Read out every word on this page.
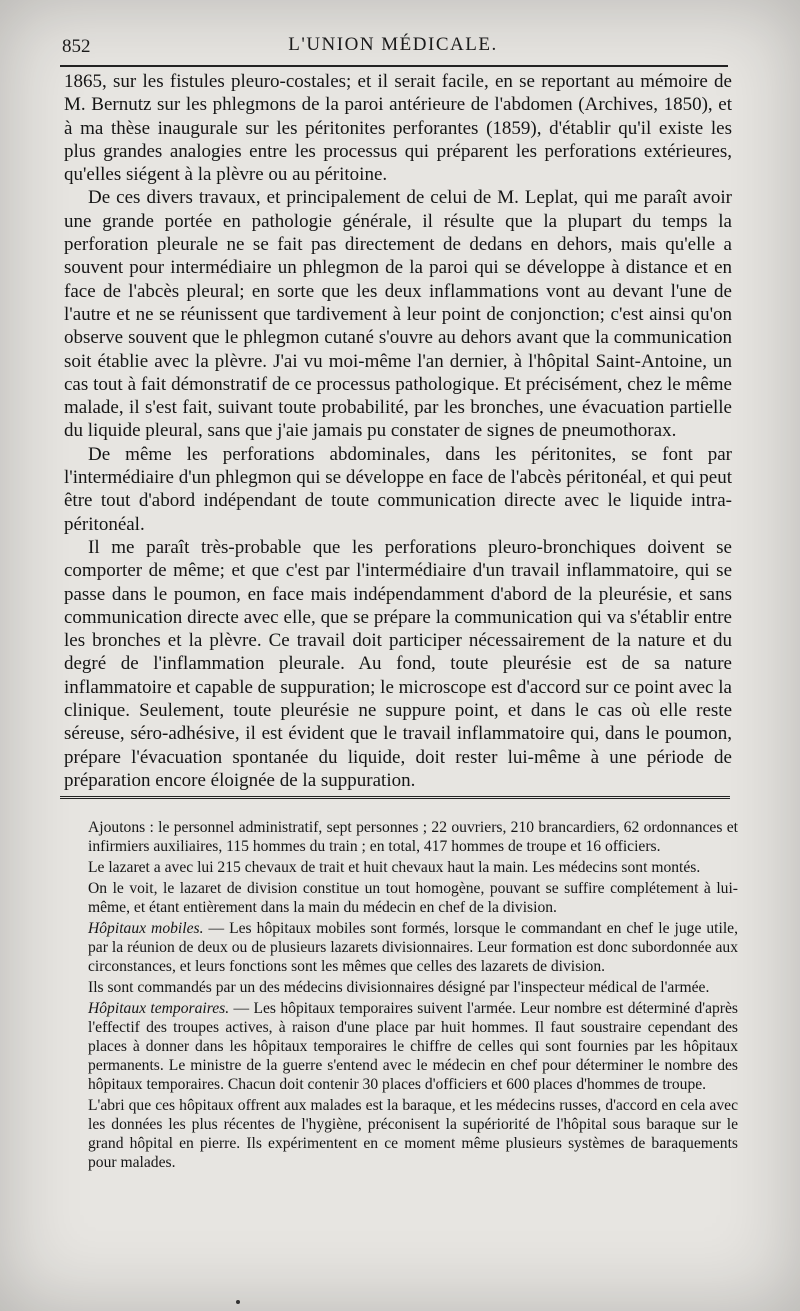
852	L'UNION MÉDICALE.

1865, sur les fistules pleuro-costales; et il serait facile, en se reportant au mémoire de M. Bernutz sur les phlegmons de la paroi antérieure de l'abdomen (Archives, 1850), et à ma thèse inaugurale sur les péritonites perforantes (1859), d'établir qu'il existe les plus grandes analogies entre les processus qui préparent les perforations extérieures, qu'elles siégent à la plèvre ou au péritoine.

De ces divers travaux, et principalement de celui de M. Leplat, qui me paraît avoir une grande portée en pathologie générale, il résulte que la plupart du temps la perforation pleurale ne se fait pas directement de dedans en dehors, mais qu'elle a souvent pour intermédiaire un phlegmon de la paroi qui se développe à distance et en face de l'abcès pleural; en sorte que les deux inflammations vont au devant l'une de l'autre et ne se réunissent que tardivement à leur point de conjonction; c'est ainsi qu'on observe souvent que le phlegmon cutané s'ouvre au dehors avant que la communication soit établie avec la plèvre. J'ai vu moi-même l'an dernier, à l'hôpital Saint-Antoine, un cas tout à fait démonstratif de ce processus pathologique. Et précisément, chez le même malade, il s'est fait, suivant toute probabilité, par les bronches, une évacuation partielle du liquide pleural, sans que j'aie jamais pu constater de signes de pneumothorax.

De même les perforations abdominales, dans les péritonites, se font par l'intermédiaire d'un phlegmon qui se développe en face de l'abcès péritonéal, et qui peut être tout d'abord indépendant de toute communication directe avec le liquide intra-péritonéal.

Il me paraît très-probable que les perforations pleuro-bronchiques doivent se comporter de même; et que c'est par l'intermédiaire d'un travail inflammatoire, qui se passe dans le poumon, en face mais indépendamment d'abord de la pleurésie, et sans communication directe avec elle, que se prépare la communication qui va s'établir entre les bronches et la plèvre. Ce travail doit participer nécessairement de la nature et du degré de l'inflammation pleurale. Au fond, toute pleurésie est de sa nature inflammatoire et capable de suppuration; le microscope est d'accord sur ce point avec la clinique. Seulement, toute pleurésie ne suppure point, et dans le cas où elle reste séreuse, séro-adhésive, il est évident que le travail inflammatoire qui, dans le poumon, prépare l'évacuation spontanée du liquide, doit rester lui-même à une période de préparation encore éloignée de la suppuration.

Ajoutons : le personnel administratif, sept personnes ; 22 ouvriers, 210 brancardiers, 62 ordonnances et infirmiers auxiliaires, 115 hommes du train ; en total, 417 hommes de troupe et 16 officiers.

Le lazaret a avec lui 215 chevaux de trait et huit chevaux haut la main. Les médecins sont montés.

On le voit, le lazaret de division constitue un tout homogène, pouvant se suffire complétement à lui-même, et étant entièrement dans la main du médecin en chef de la division.

Hôpitaux mobiles. — Les hôpitaux mobiles sont formés, lorsque le commandant en chef le juge utile, par la réunion de deux ou de plusieurs lazarets divisionnaires. Leur formation est donc subordonnée aux circonstances, et leurs fonctions sont les mêmes que celles des lazarets de division.

Ils sont commandés par un des médecins divisionnaires désigné par l'inspecteur médical de l'armée.

Hôpitaux temporaires. — Les hôpitaux temporaires suivent l'armée. Leur nombre est déterminé d'après l'effectif des troupes actives, à raison d'une place par huit hommes. Il faut soustraire cependant des places à donner dans les hôpitaux temporaires le chiffre de celles qui sont fournies par les hôpitaux permanents. Le ministre de la guerre s'entend avec le médecin en chef pour déterminer le nombre des hôpitaux temporaires. Chacun doit contenir 30 places d'officiers et 600 places d'hommes de troupe.

L'abri que ces hôpitaux offrent aux malades est la baraque, et les médecins russes, d'accord en cela avec les données les plus récentes de l'hygiène, préconisent la supériorité de l'hôpital sous baraque sur le grand hôpital en pierre. Ils expérimentent en ce moment même plusieurs systèmes de baraquements pour malades.
